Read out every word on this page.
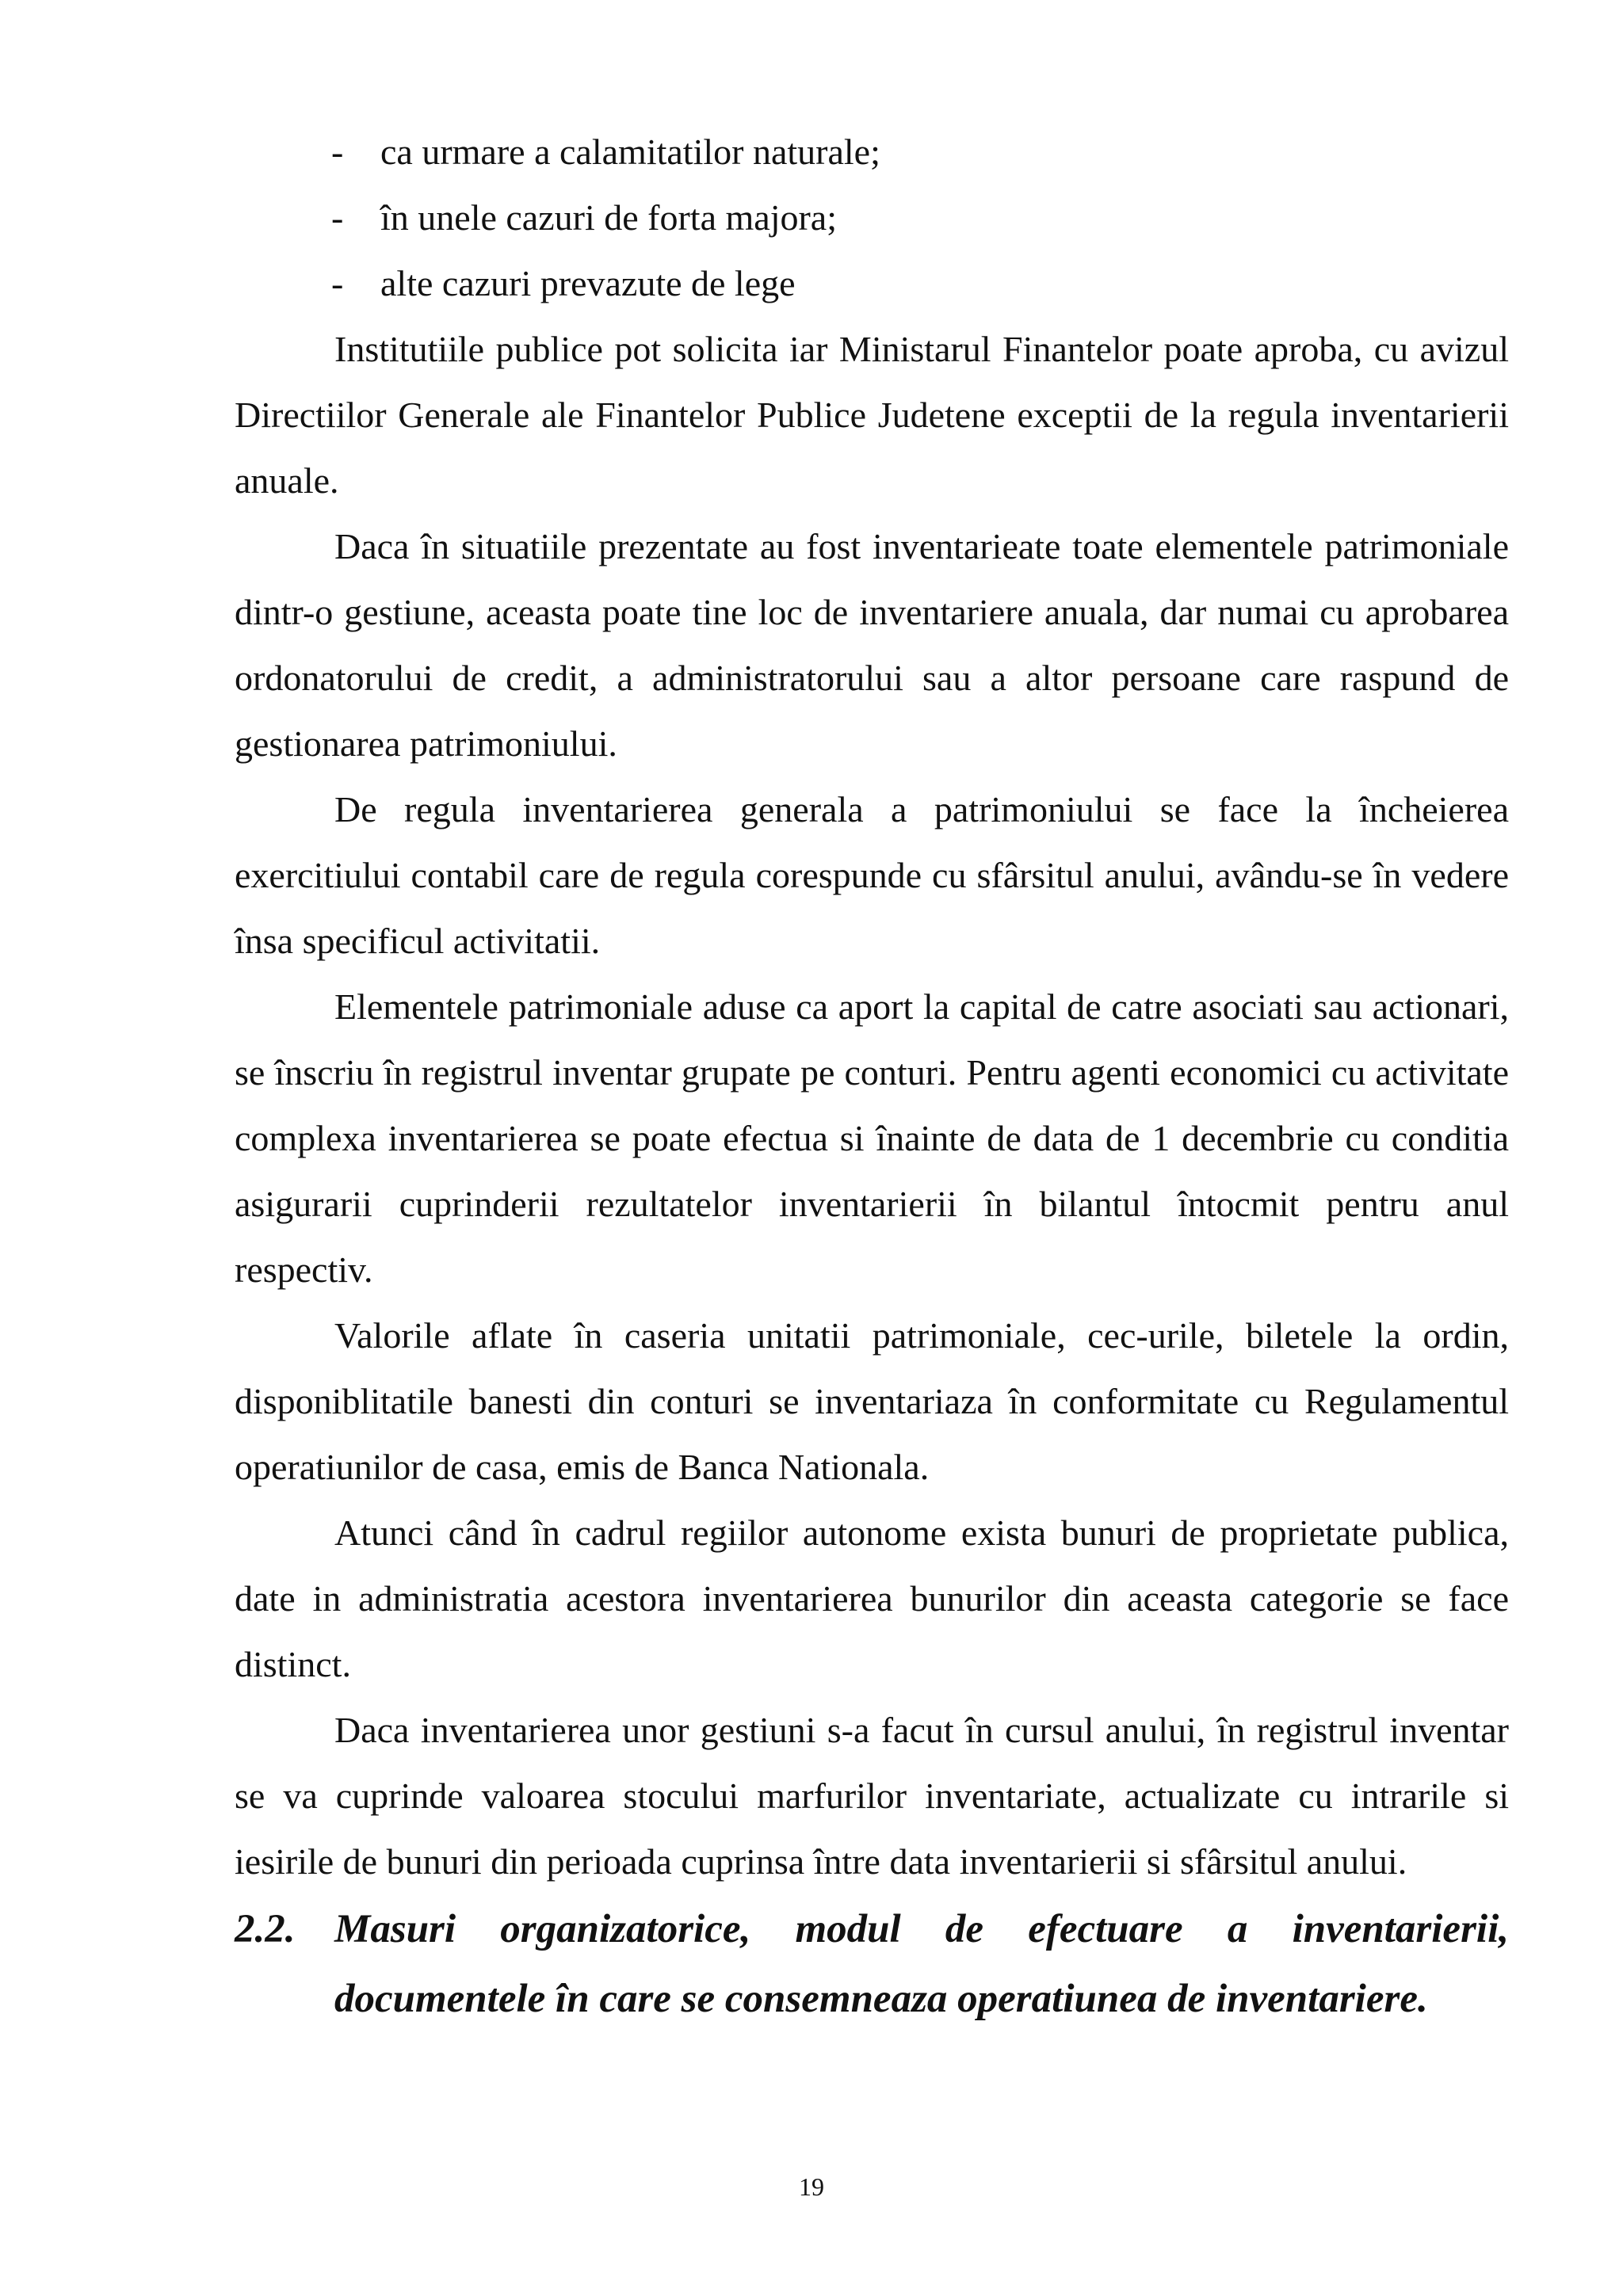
- ca urmare a calamitatilor naturale;

- în unele cazuri de forta majora;

- alte cazuri prevazute de lege

Institutiile publice pot solicita iar Ministarul Finantelor poate aproba, cu avizul Directiilor Generale ale Finantelor Publice Judetene exceptii de la regula inventarierii anuale.

Daca în situatiile prezentate au fost inventarieate toate elementele patrimoniale dintr-o gestiune, aceasta poate tine loc de inventariere anuala, dar numai cu aprobarea ordonatorului de credit, a administratorului sau a altor persoane care raspund de gestionarea patrimoniului.

De regula inventarierea generala a patrimoniului se face la încheierea exercitiului contabil care de regula corespunde cu sfârsitul anului, avându-se în vedere însa specificul activitatii.

Elementele patrimoniale aduse ca aport la capital de catre asociati sau actionari, se înscriu în registrul inventar grupate pe conturi. Pentru agenti economici cu activitate complexa inventarierea se poate efectua si înainte de data de 1 decembrie cu conditia asigurarii cuprinderii rezultatelor inventarierii în bilantul întocmit pentru anul respectiv.

Valorile aflate în caseria unitatii patrimoniale, cec-urile, biletele la ordin, disponiblitatile banesti din conturi se inventariaza în conformitate cu Regulamentul operatiunilor de casa, emis de Banca Nationala.

Atunci când în cadrul regiilor autonome exista bunuri de proprietate publica, date in administratia acestora inventarierea bunurilor din aceasta categorie se face distinct.

Daca inventarierea unor gestiuni s-a facut în cursul anului, în registrul inventar se va cuprinde valoarea stocului marfurilor inventariate, actualizate cu intrarile si iesirile de bunuri din perioada cuprinsa între data inventarierii si sfârsitul anului.

2.2. Masuri organizatorice, modul de efectuare a inventarierii,
documentele în care se consemneaza operatiunea de inventariere.
19
